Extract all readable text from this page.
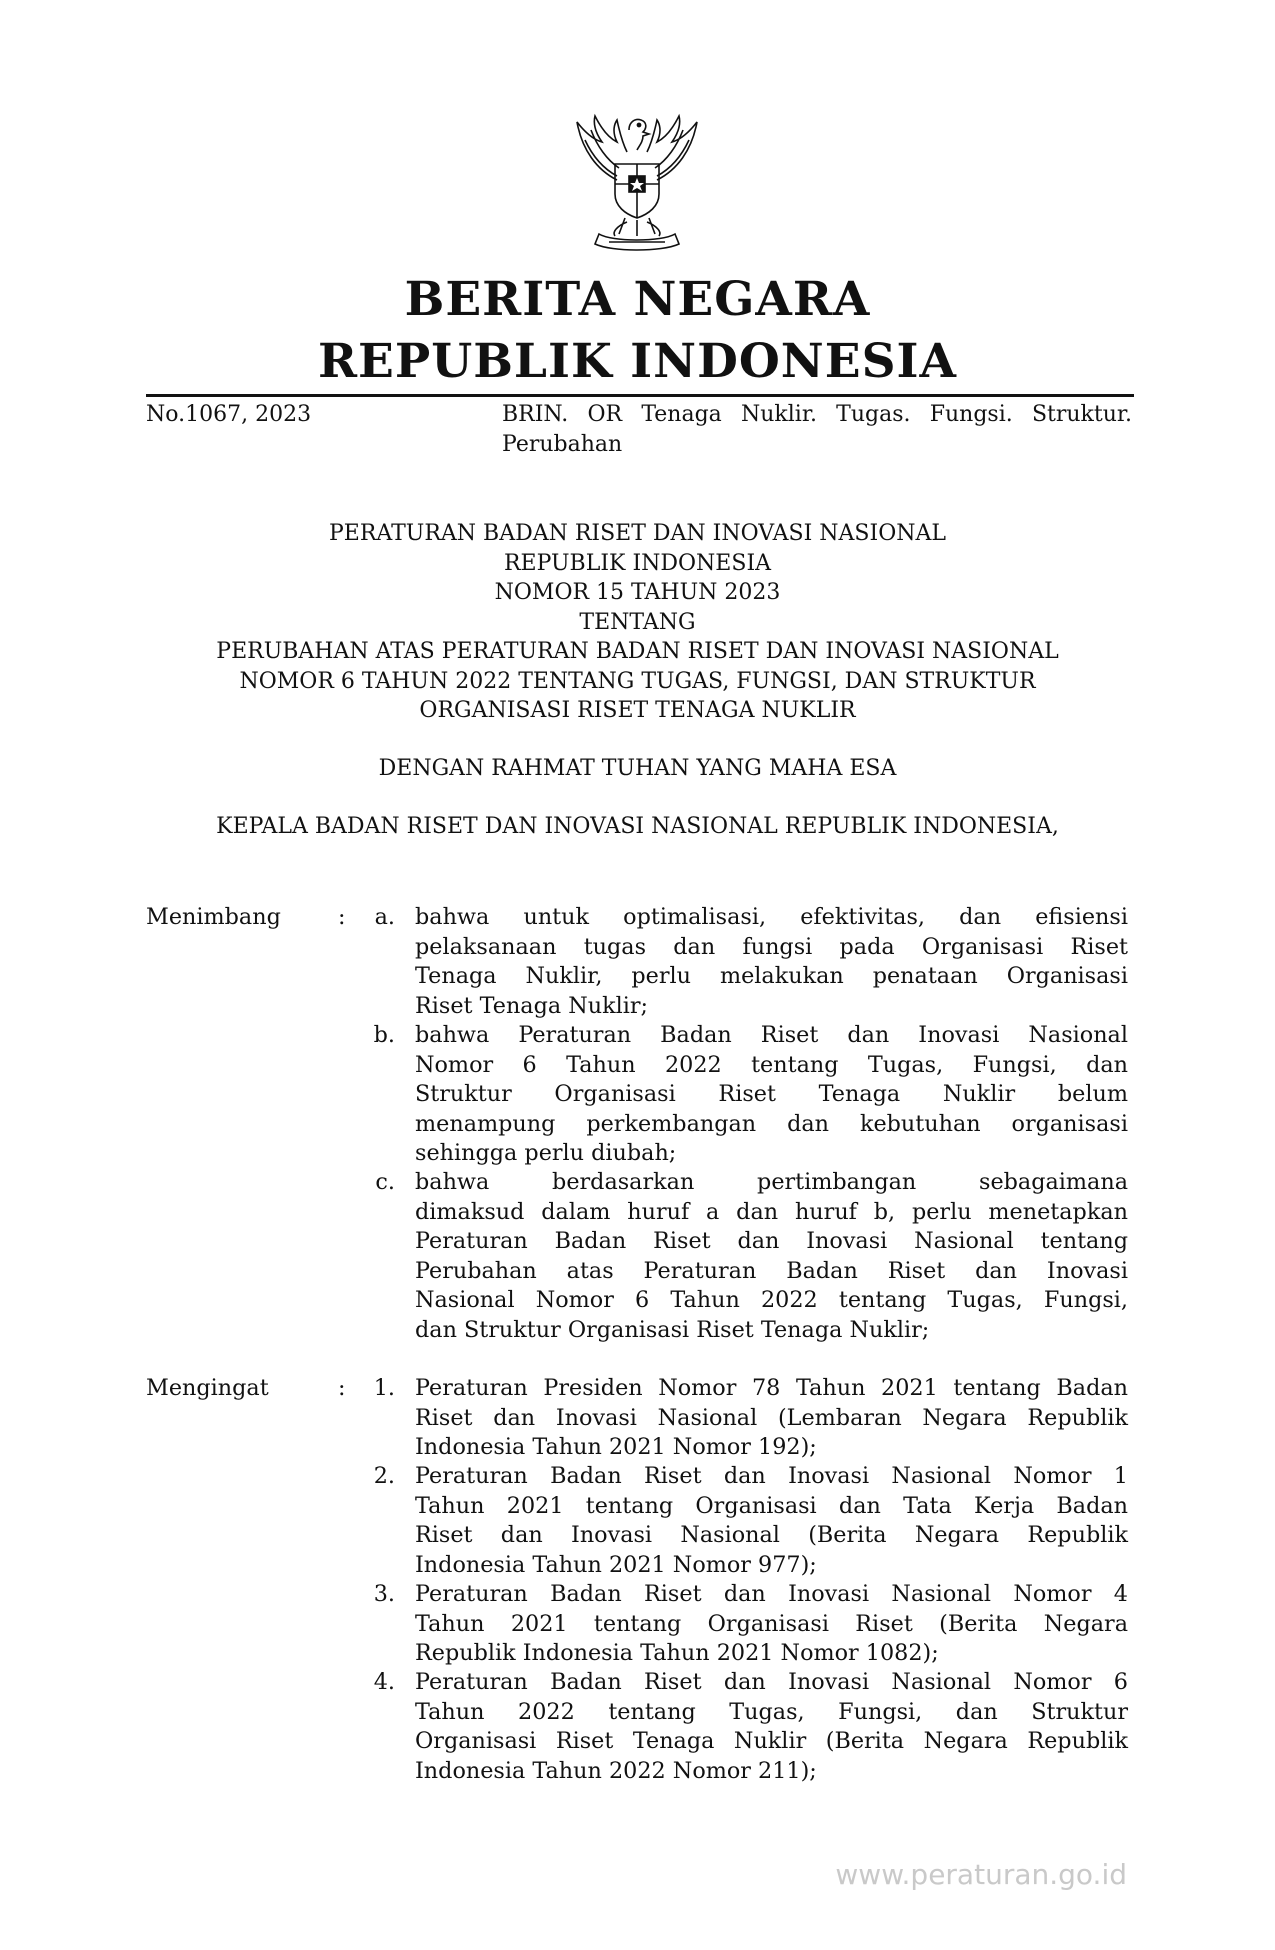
BERITA NEGARA
REPUBLIK INDONESIA
No.1067, 2023	BRIN. OR Tenaga Nuklir. Tugas. Fungsi. Struktur.
Perubahan
PERATURAN BADAN RISET DAN INOVASI NASIONAL
REPUBLIK INDONESIA
NOMOR 15 TAHUN 2023
TENTANG
PERUBAHAN ATAS PERATURAN BADAN RISET DAN INOVASI NASIONAL
NOMOR 6 TAHUN 2022 TENTANG TUGAS, FUNGSI, DAN STRUKTUR
ORGANISASI RISET TENAGA NUKLIR
DENGAN RAHMAT TUHAN YANG MAHA ESA
KEPALA BADAN RISET DAN INOVASI NASIONAL REPUBLIK INDONESIA,
Menimbang	:	a. bahwa untuk optimalisasi, efektivitas, dan efisiensi
pelaksanaan tugas dan fungsi pada Organisasi Riset
Tenaga Nuklir, perlu melakukan penataan Organisasi
Riset Tenaga Nuklir;
b. bahwa Peraturan Badan Riset dan Inovasi Nasional
Nomor 6 Tahun 2022 tentang Tugas, Fungsi, dan
Struktur Organisasi Riset Tenaga Nuklir belum
menampung perkembangan dan kebutuhan organisasi
sehingga perlu diubah;
c. bahwa berdasarkan pertimbangan sebagaimana
dimaksud dalam huruf a dan huruf b, perlu menetapkan
Peraturan Badan Riset dan Inovasi Nasional tentang
Perubahan atas Peraturan Badan Riset dan Inovasi
Nasional Nomor 6 Tahun 2022 tentang Tugas, Fungsi,
dan Struktur Organisasi Riset Tenaga Nuklir;
Mengingat	:	1. Peraturan Presiden Nomor 78 Tahun 2021 tentang Badan
Riset dan Inovasi Nasional (Lembaran Negara Republik
Indonesia Tahun 2021 Nomor 192);
2. Peraturan Badan Riset dan Inovasi Nasional Nomor 1
Tahun 2021 tentang Organisasi dan Tata Kerja Badan
Riset dan Inovasi Nasional (Berita Negara Republik
Indonesia Tahun 2021 Nomor 977);
3. Peraturan Badan Riset dan Inovasi Nasional Nomor 4
Tahun 2021 tentang Organisasi Riset (Berita Negara
Republik Indonesia Tahun 2021 Nomor 1082);
4. Peraturan Badan Riset dan Inovasi Nasional Nomor 6
Tahun 2022 tentang Tugas, Fungsi, dan Struktur
Organisasi Riset Tenaga Nuklir (Berita Negara Republik
Indonesia Tahun 2022 Nomor 211);
www.peraturan.go.id
